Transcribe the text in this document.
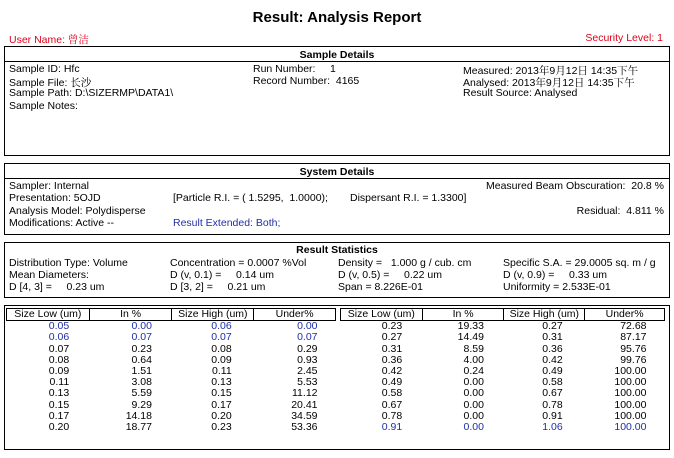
Result: Analysis Report
User Name: 曾洁	Security Level: 1
Sample Details
Sample ID: Hfc
Sample File: 长沙
Sample Path: D:\SIZERMP\DATA1\
Sample Notes:
Run Number:     1
Record Number:  4165
Measured: 2013年9月12日 14:35下午
Analysed: 2013年9月12日 14:35下午
Result Source: Analysed
System Details
Sampler: Internal
Presentation: 5OJD	[Particle R.I. = ( 1.5295,  1.0000); Dispersant R.I. = 1.3300]
Analysis Model: Polydisperse
Modifications: Active --	Result Extended: Both;
Measured Beam Obscuration:  20.8 %
Residual:  4.811 %
Result Statistics
Distribution Type: Volume
Mean Diameters:
D [4, 3] =     0.23 um
Concentration = 0.0007 %Vol
D (v, 0.1) =     0.14 um
D [3, 2] =     0.21 um
Density =   1.000 g / cub. cm
D (v, 0.5) =     0.22 um
Span = 8.226E-01
Specific S.A. = 29.0005 sq. m / g
D (v, 0.9) =     0.33 um
Uniformity = 2.533E-01
Size Low (um)	In %	Size High (um)	Under%
0.05	0.00	0.06	0.00
0.06	0.07	0.07	0.07
0.07	0.23	0.08	0.29
0.08	0.64	0.09	0.93
0.09	1.51	0.11	2.45
0.11	3.08	0.13	5.53
0.13	5.59	0.15	11.12
0.15	9.29	0.17	20.41
0.17	14.18	0.20	34.59
0.20	18.77	0.23	53.36
Size Low (um)	In %	Size High (um)	Under%
0.23	19.33	0.27	72.68
0.27	14.49	0.31	87.17
0.31	8.59	0.36	95.76
0.36	4.00	0.42	99.76
0.42	0.24	0.49	100.00
0.49	0.00	0.58	100.00
0.58	0.00	0.67	100.00
0.67	0.00	0.78	100.00
0.78	0.00	0.91	100.00
0.91	0.00	1.06	100.00
